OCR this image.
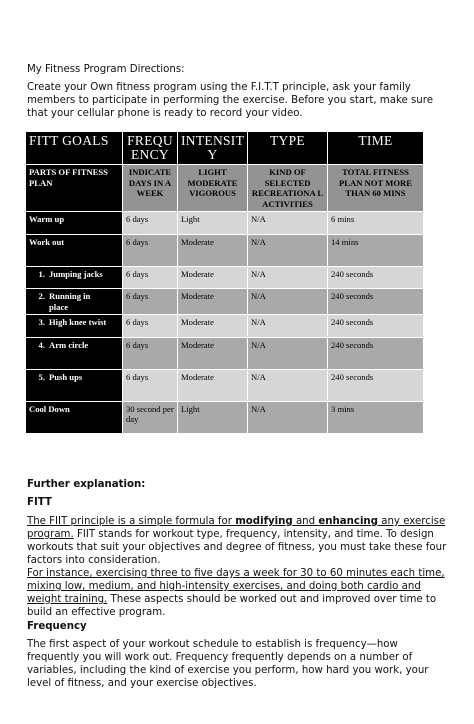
My Fitness Program Directions:
Create your Own fitness program using the F.I.T.T principle, ask your family members to participate in performing the exercise. Before you start, make sure that your cellular phone is ready to record your video.
FITT GOALS	FREQU ENCY	INTENSIT Y	TYPE	TIME
PARTS OF FITNESS PLAN	INDICATE DAYS IN A WEEK	LIGHT MODERATE VIGOROUS	KIND OF SELECTED RECREATIONA L ACTIVITIES	TOTAL FITNESS PLAN NOT MORE THAN 60 MINS
Warm up	6 days	Light	N/A	6 mins
Work out	6 days	Moderate	N/A	14 mins
1. Jumping jacks	6 days	Moderate	N/A	240 seconds
2. Running in place	6 days	Moderate	N/A	240 seconds
3. High knee twist	6 days	Moderate	N/A	240 seconds
4. Arm circle	6 days	Moderate	N/A	240 seconds
5. Push ups	6 days	Moderate	N/A	240 seconds
Cool Down	30 second per day	Light	N/A	3 mins
Further explanation:
FITT
The FIIT principle is a simple formula for modifying and enhancing any exercise program. FIIT stands for workout type, frequency, intensity, and time. To design workouts that suit your objectives and degree of fitness, you must take these four factors into consideration.
For instance, exercising three to five days a week for 30 to 60 minutes each time, mixing low, medium, and high-intensity exercises, and doing both cardio and weight training. These aspects should be worked out and improved over time to build an effective program.
Frequency
The first aspect of your workout schedule to establish is frequency—how frequently you will work out. Frequency frequently depends on a number of variables, including the kind of exercise you perform, how hard you work, your level of fitness, and your exercise objectives.
